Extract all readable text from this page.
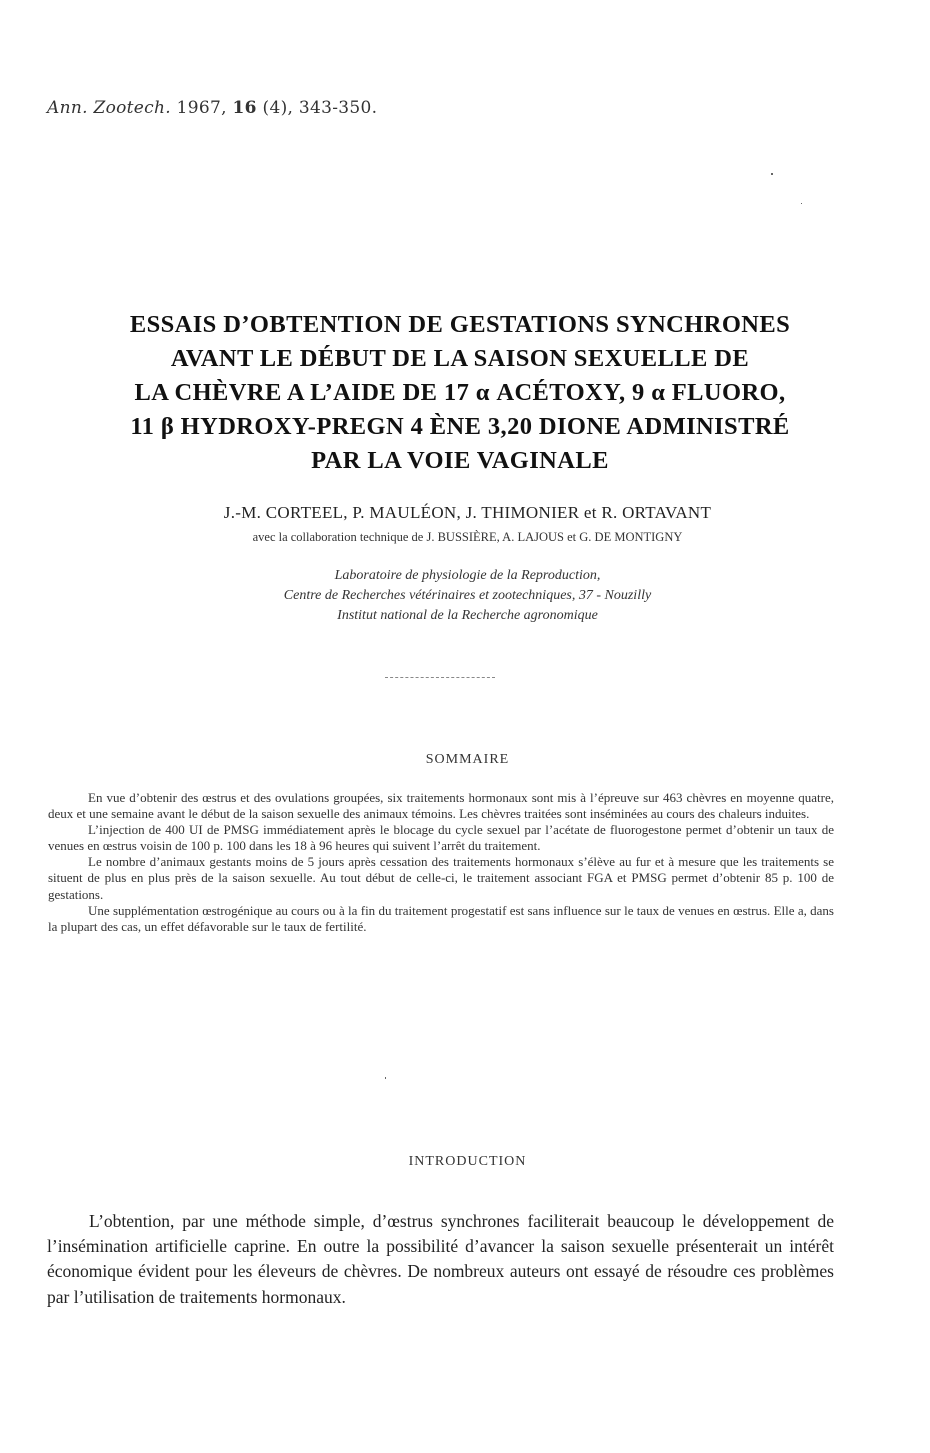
Ann. Zootech. 1967, 16 (4), 343-350.
ESSAIS D’OBTENTION DE GESTATIONS SYNCHRONES
AVANT LE DÉBUT DE LA SAISON SEXUELLE DE
LA CHÈVRE A L’AIDE DE 17 α ACÉTOXY, 9 α FLUORO,
11 β HYDROXY-PREGN 4 ÈNE 3,20 DIONE ADMINISTRÉ
PAR LA VOIE VAGINALE
J.-M. CORTEEL, P. MAULÉON, J. THIMONIER et R. ORTAVANT
avec la collaboration technique de J. BUSSIÈRE, A. LAJOUS et G. DE MONTIGNY
Laboratoire de physiologie de la Reproduction,
Centre de Recherches vétérinaires et zootechniques, 37 - Nouzilly
Institut national de la Recherche agronomique
SOMMAIRE

En vue d’obtenir des œstrus et des ovulations groupées, six traitements hormonaux sont mis à l’épreuve sur 463 chèvres en moyenne quatre, deux et une semaine avant le début de la saison sexuelle des animaux témoins. Les chèvres traitées sont inséminées au cours des chaleurs induites.

L’injection de 400 UI de PMSG immédiatement après le blocage du cycle sexuel par l’acétate de fluorogestone permet d’obtenir un taux de venues en œstrus voisin de 100 p. 100 dans les 18 à 96 heures qui suivent l’arrêt du traitement.

Le nombre d’animaux gestants moins de 5 jours après cessation des traitements hormonaux s’élève au fur et à mesure que les traitements se situent de plus en plus près de la saison sexuelle. Au tout début de celle-ci, le traitement associant FGA et PMSG permet d’obtenir 85 p. 100 de gestations.

Une supplémentation œstrogénique au cours ou à la fin du traitement progestatif est sans influence sur le taux de venues en œstrus. Elle a, dans la plupart des cas, un effet défavorable sur le taux de fertilité.

INTRODUCTION

L’obtention, par une méthode simple, d’œstrus synchrones faciliterait beaucoup le développement de l’insémination artificielle caprine. En outre la possibilité d’avancer la saison sexuelle présenterait un intérêt économique évident pour les éleveurs de chèvres. De nombreux auteurs ont essayé de résoudre ces problèmes par l’utilisation de traitements hormonaux.
